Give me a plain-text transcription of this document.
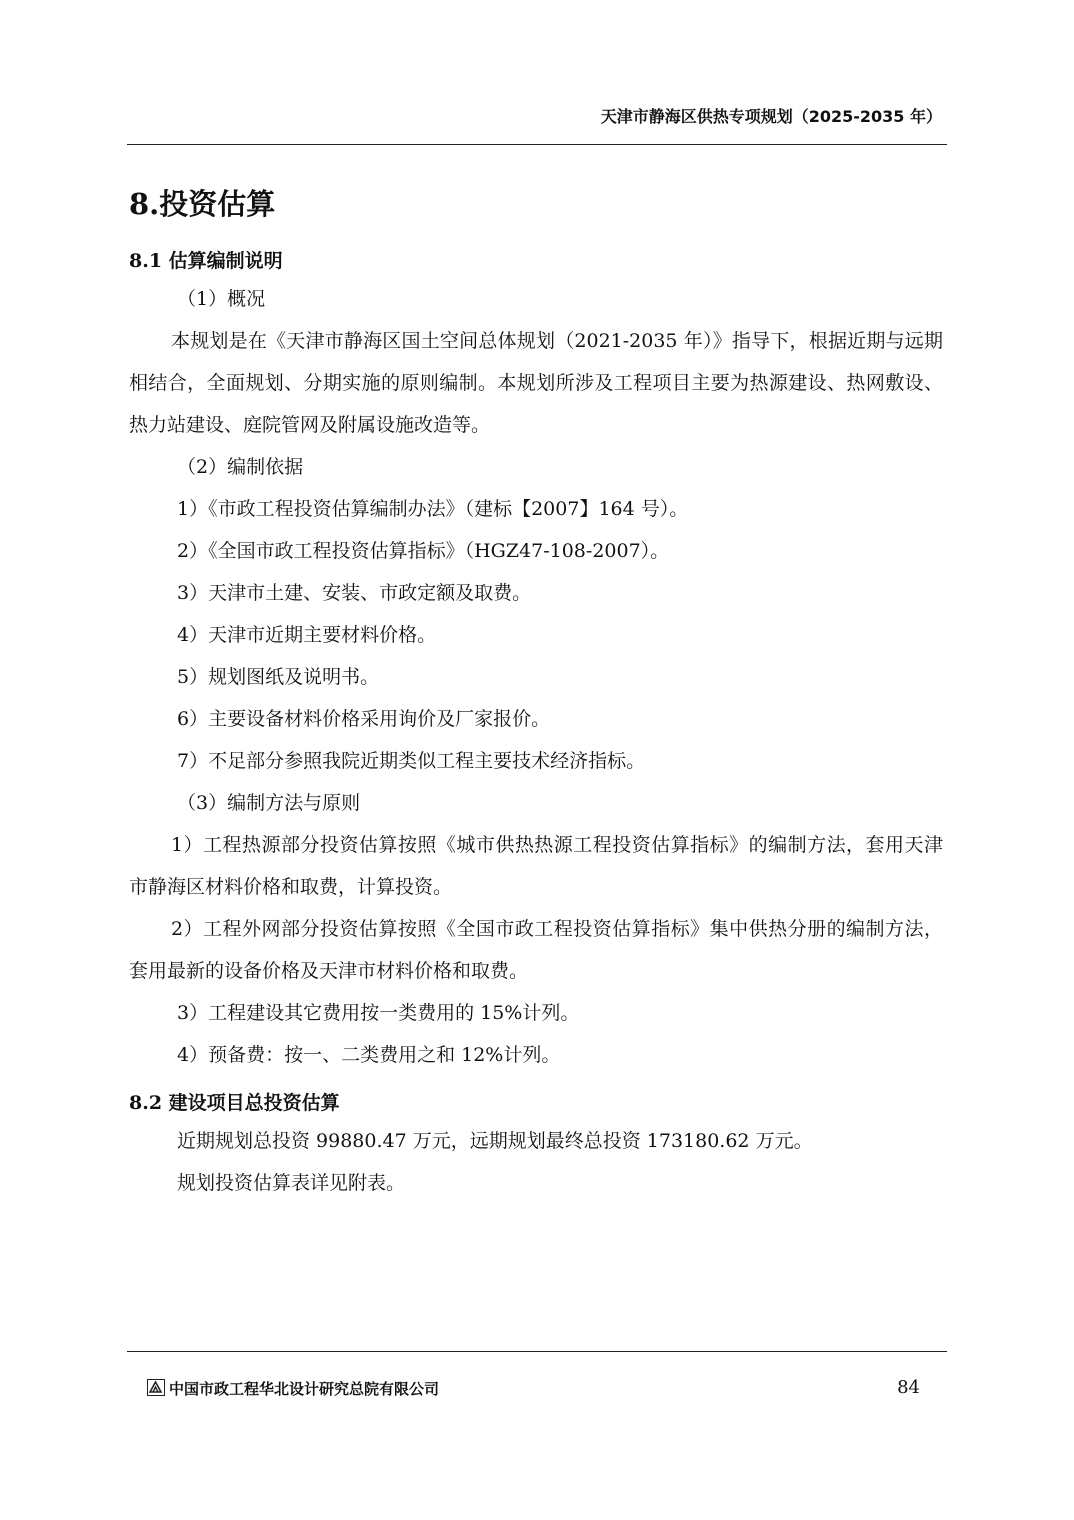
天津市静海区供热专项规划（2025-2035 年）
8.投资估算
8.1 估算编制说明
（1）概况

本规划是在《天津市静海区国土空间总体规划（2021-2035 年）》指导下，根据近期与远期相结合，全面规划、分期实施的原则编制。本规划所涉及工程项目主要为热源建设、热网敷设、热力站建设、庭院管网及附属设施改造等。

（2）编制依据
1）《市政工程投资估算编制办法》（建标【2007】164 号）。
2）《全国市政工程投资估算指标》（HGZ47-108-2007）。
3）天津市土建、安装、市政定额及取费。
4）天津市近期主要材料价格。
5）规划图纸及说明书。
6）主要设备材料价格采用询价及厂家报价。
7）不足部分参照我院近期类似工程主要技术经济指标。
（3）编制方法与原则

1）工程热源部分投资估算按照《城市供热热源工程投资估算指标》的编制方法，套用天津市静海区材料价格和取费，计算投资。

2）工程外网部分投资估算按照《全国市政工程投资估算指标》集中供热分册的编制方法，套用最新的设备价格及天津市材料价格和取费。

3）工程建设其它费用按一类费用的 15%计列。
4）预备费：按一、二类费用之和 12%计列。
8.2 建设项目总投资估算
近期规划总投资 99880.47 万元，远期规划最终总投资 173180.62 万元。
规划投资估算表详见附表。
中国市政工程华北设计研究总院有限公司	84
